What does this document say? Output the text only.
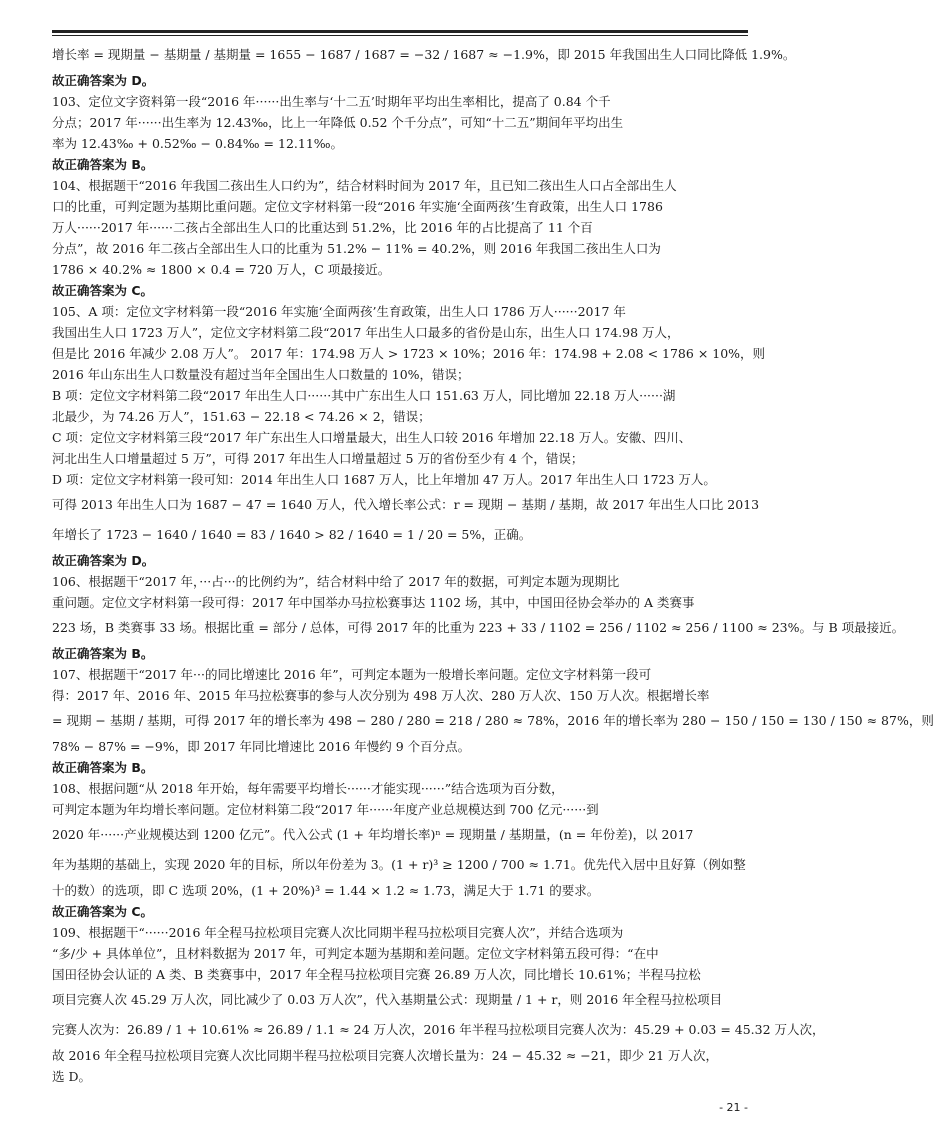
增长率 = 现期量 − 基期量 / 基期量 = 1655 − 1687 / 1687 = −32 / 1687 ≈ −1.9%，即 2015 年我国出生人口同比降低 1.9%。
故正确答案为 D。
103、定位文字资料第一段“2016 年······出生率与‘十二五’时期年平均出生率相比，提高了 0.84 个千
分点；2017 年······出生率为 12.43‰，比上一年降低 0.52 个千分点”，可知“十二五”期间年平均出生
率为 12.43‰ + 0.52‰ − 0.84‰ = 12.11‰。
故正确答案为 B。
104、根据题干“2016 年我国二孩出生人口约为”，结合材料时间为 2017 年，且已知二孩出生人口占全部出生人
口的比重，可判定题为基期比重问题。定位文字材料第一段“2016 年实施‘全面两孩’生育政策，出生人口 1786
万人······2017 年······二孩占全部出生人口的比重达到 51.2%，比 2016 年的占比提高了 11 个百
分点”，故 2016 年二孩占全部出生人口的比重为 51.2% − 11% = 40.2%，则 2016 年我国二孩出生人口为
1786 × 40.2% ≈ 1800 × 0.4 = 720 万人，C 项最接近。
故正确答案为 C。
105、A 项：定位文字材料第一段“2016 年实施‘全面两孩’生育政策，出生人口 1786 万人······2017 年
我国出生人口 1723 万人”，定位文字材料第二段“2017 年出生人口最多的省份是山东，出生人口 174.98 万人，
但是比 2016 年减少 2.08 万人”。 2017 年：174.98 万人 > 1723 × 10%；2016 年：174.98 + 2.08 < 1786 × 10%，则
2016 年山东出生人口数量没有超过当年全国出生人口数量的 10%，错误；
B 项：定位文字材料第二段“2017 年出生人口······其中广东出生人口 151.63 万人，同比增加 22.18 万人······湖
北最少，为 74.26 万人”，151.63 − 22.18 < 74.26 × 2，错误；
C 项：定位文字材料第三段“2017 年广东出生人口增量最大，出生人口较 2016 年增加 22.18 万人。安徽、四川、
河北出生人口增量超过 5 万”，可得 2017 年出生人口增量超过 5 万的省份至少有 4 个，错误；
D 项：定位文字材料第一段可知：2014 年出生人口 1687 万人，比上年增加 47 万人。2017 年出生人口 1723 万人。
可得 2013 年出生人口为 1687 − 47 = 1640 万人，代入增长率公式：r = 现期 − 基期 / 基期，故 2017 年出生人口比 2013
年增长了 1723 − 1640 / 1640 = 83 / 1640 > 82 / 1640 = 1 / 20 = 5%，正确。
故正确答案为 D。
106、根据题干“2017 年，···占···的比例约为”，结合材料中给了 2017 年的数据，可判定本题为现期比
重问题。定位文字材料第一段可得：2017 年中国举办马拉松赛事达 1102 场，其中，中国田径协会举办的 A 类赛事
223 场，B 类赛事 33 场。根据比重 = 部分 / 总体，可得 2017 年的比重为 223 + 33 / 1102 = 256 / 1102 ≈ 256 / 1100 ≈ 23%。与 B 项最接近。
故正确答案为 B。
107、根据题干“2017 年···的同比增速比 2016 年”，可判定本题为一般增长率问题。定位文字材料第一段可
得：2017 年、2016 年、2015 年马拉松赛事的参与人次分别为 498 万人次、280 万人次、150 万人次。根据增长率
= 现期 − 基期 / 基期，可得 2017 年的增长率为 498 − 280 / 280 = 218 / 280 ≈ 78%，2016 年的增长率为 280 − 150 / 150 = 130 / 150 ≈ 87%，则
78% − 87% = −9%，即 2017 年同比增速比 2016 年慢约 9 个百分点。
故正确答案为 B。
108、根据问题“从 2018 年开始，每年需要平均增长······才能实现······”结合选项为百分数，
可判定本题为年均增长率问题。定位材料第二段“2017 年······年度产业总规模达到 700 亿元······到
2020 年······产业规模达到 1200 亿元”。代入公式 (1 + 年均增长率)ⁿ = 现期量 / 基期量，(n = 年份差)，以 2017
年为基期的基础上，实现 2020 年的目标，所以年份差为 3。(1 + r)³ ≥ 1200 / 700 ≈ 1.71。优先代入居中且好算（例如整
十的数）的选项，即 C 选项 20%，(1 + 20%)³ = 1.44 × 1.2 ≈ 1.73，满足大于 1.71 的要求。
故正确答案为 C。
109、根据题干“······2016 年全程马拉松项目完赛人次比同期半程马拉松项目完赛人次”，并结合选项为
“多/少 + 具体单位”，且材料数据为 2017 年，可判定本题为基期和差问题。定位文字材料第五段可得：“在中
国田径协会认证的 A 类、B 类赛事中，2017 年全程马拉松项目完赛 26.89 万人次，同比增长 10.61%；半程马拉松
项目完赛人次 45.29 万人次，同比减少了 0.03 万人次”，代入基期量公式：现期量 / 1 + r，则 2016 年全程马拉松项目
完赛人次为：26.89 / 1 + 10.61% ≈ 26.89 / 1.1 ≈ 24 万人次，2016 年半程马拉松项目完赛人次为：45.29 + 0.03 = 45.32 万人次，
故 2016 年全程马拉松项目完赛人次比同期半程马拉松项目完赛人次增长量为：24 − 45.32 ≈ −21，即少 21 万人次，
选 D。
- 21 -
